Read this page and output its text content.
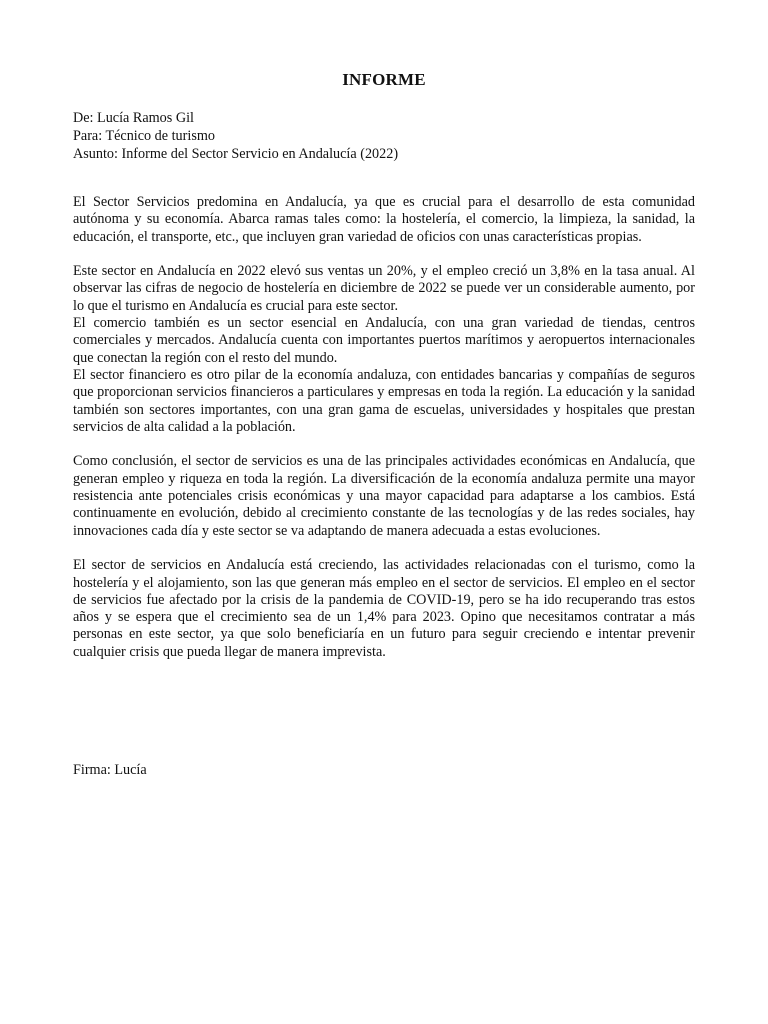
INFORME
De: Lucía Ramos Gil
Para: Técnico de turismo
Asunto: Informe del Sector Servicio en Andalucía (2022)

El Sector Servicios predomina en Andalucía, ya que es crucial para el desarrollo de esta comunidad autónoma y su economía. Abarca ramas tales como: la hostelería, el comercio, la limpieza, la sanidad, la educación, el transporte, etc., que incluyen gran variedad de oficios con unas características propias.

Este sector en Andalucía en 2022 elevó sus ventas un 20%, y el empleo creció un 3,8% en la tasa anual. Al observar las cifras de negocio de hostelería en diciembre de 2022 se puede ver un considerable aumento, por lo que el turismo en Andalucía es crucial para este sector.

El comercio también es un sector esencial en Andalucía, con una gran variedad de tiendas, centros comerciales y mercados. Andalucía cuenta con importantes puertos marítimos y aeropuertos internacionales que conectan la región con el resto del mundo.

El sector financiero es otro pilar de la economía andaluza, con entidades bancarias y compañías de seguros que proporcionan servicios financieros a particulares y empresas en toda la región. La educación y la sanidad también son sectores importantes, con una gran gama de escuelas, universidades y hospitales que prestan servicios de alta calidad a la población.

Como conclusión, el sector de servicios es una de las principales actividades económicas en Andalucía, que generan empleo y riqueza en toda la región. La diversificación de la economía andaluza permite una mayor resistencia ante potenciales crisis económicas y una mayor capacidad para adaptarse a los cambios. Está continuamente en evolución, debido al crecimiento constante de las tecnologías y de las redes sociales, hay innovaciones cada día y este sector se va adaptando de manera adecuada a estas evoluciones.

El sector de servicios en Andalucía está creciendo, las actividades relacionadas con el turismo, como la hostelería y el alojamiento, son las que generan más empleo en el sector de servicios. El empleo en el sector de servicios fue afectado por la crisis de la pandemia de COVID-19, pero se ha ido recuperando tras estos años y se espera que el crecimiento sea de un 1,4% para 2023. Opino que necesitamos contratar a más personas en este sector, ya que solo beneficiaría en un futuro para seguir creciendo e intentar prevenir cualquier crisis que pueda llegar de manera imprevista.

Firma: Lucía
